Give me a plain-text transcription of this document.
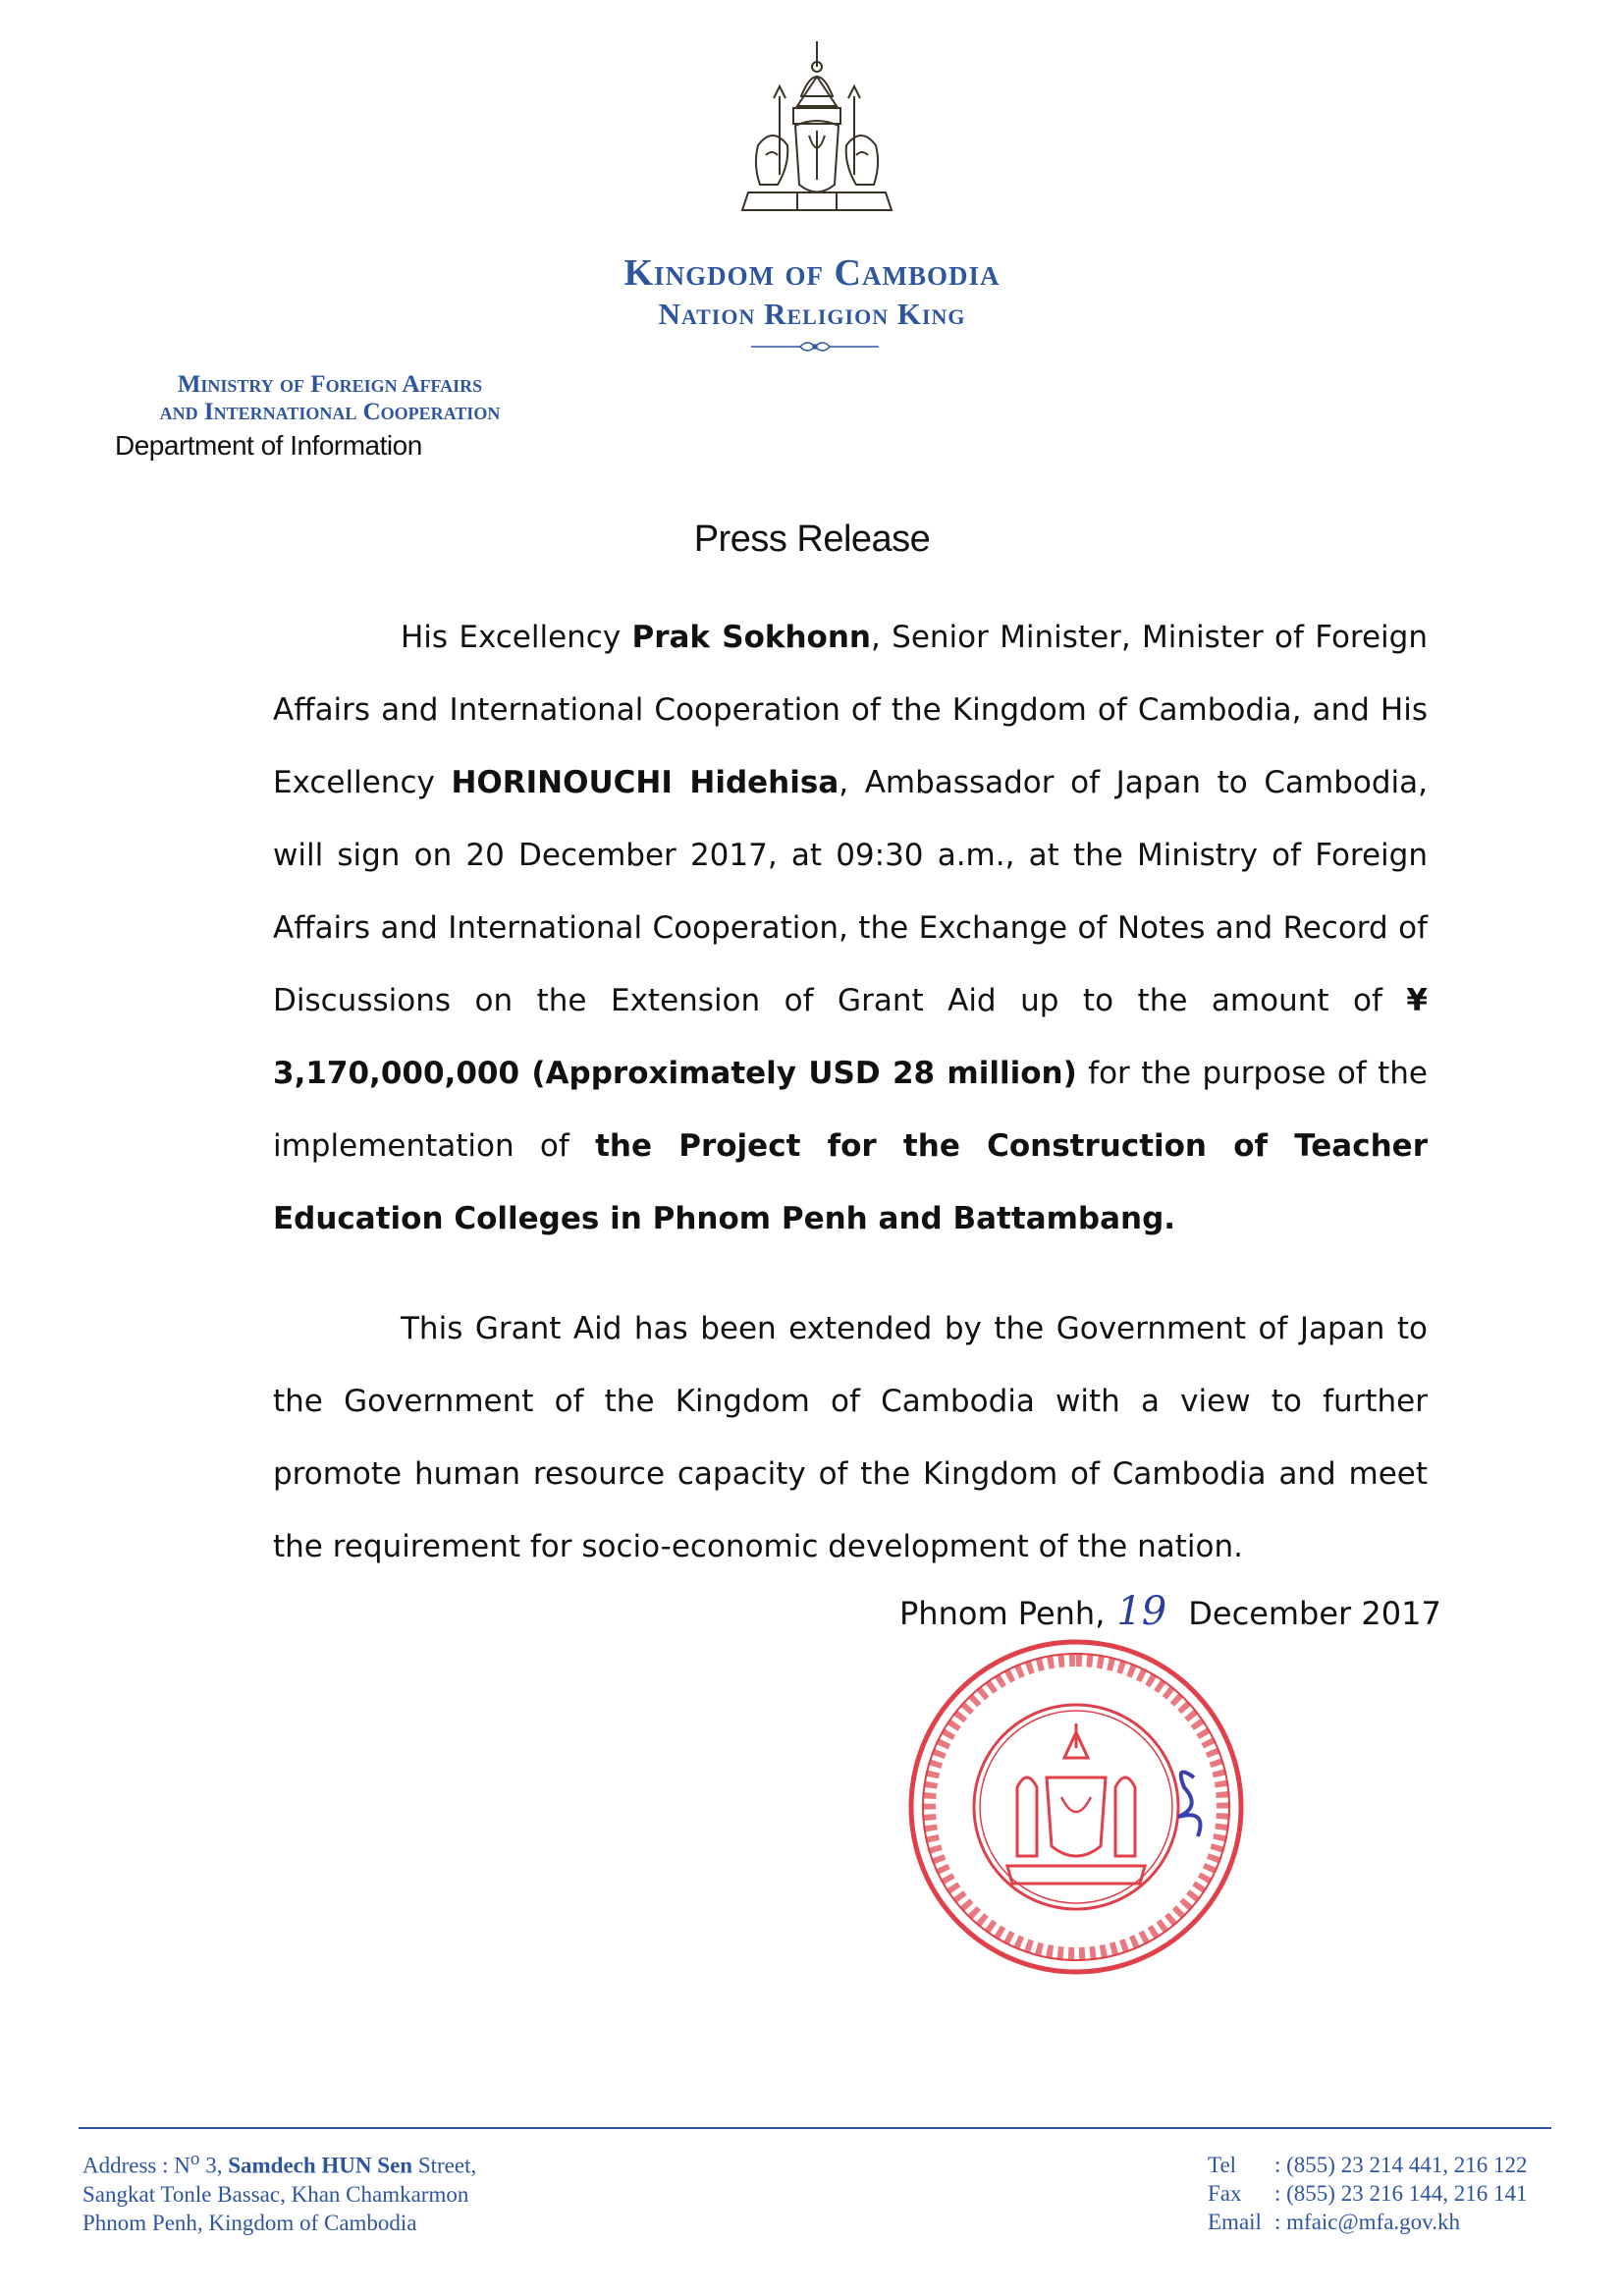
Kingdom of Cambodia
Nation Religion King
Ministry of Foreign Affairs
and International Cooperation
Department of Information
Press Release

His Excellency Prak Sokhonn, Senior Minister, Minister of Foreign Affairs and International Cooperation of the Kingdom of Cambodia, and His Excellency HORINOUCHI Hidehisa, Ambassador of Japan to Cambodia, will sign on 20 December 2017, at 09:30 a.m., at the Ministry of Foreign Affairs and International Cooperation, the Exchange of Notes and Record of Discussions on the Extension of Grant Aid up to the amount of ¥ 3,170,000,000 (Approximately USD 28 million) for the purpose of the implementation of the Project for the Construction of Teacher Education Colleges in Phnom Penh and Battambang.

This Grant Aid has been extended by the Government of Japan to the Government of the Kingdom of Cambodia with a view to further promote human resource capacity of the Kingdom of Cambodia and meet the requirement for socio-economic development of the nation.

Phnom Penh, 19 December 2017
Address : $N^o$ 3, Samdech HUN Sen Street,
Sangkat Tonle Bassac, Khan Chamkarmon
Phnom Penh, Kingdom of Cambodia
Tel : (855) 23 214 441, 216 122
Fax : (855) 23 216 144, 216 141
Email : mfaic@mfa.gov.kh
